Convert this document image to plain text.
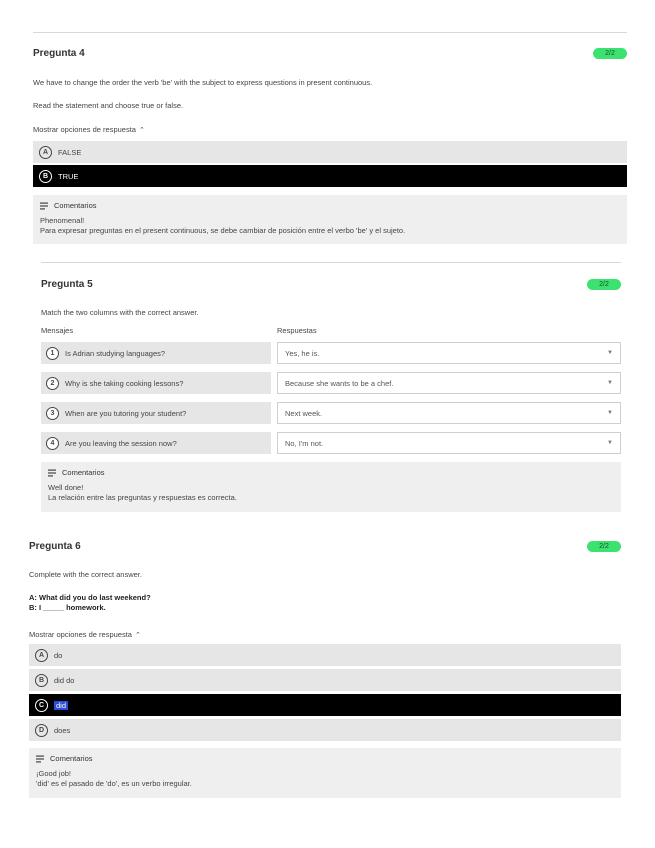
Pregunta 4	2/2
We have to change the order the verb 'be' with the subject to express questions in present continuous.
Read the statement and choose true or false.
Mostrar opciones de respuesta ⌃
A	FALSE
B	TRUE
Comentarios
Phenomenal!
Para expresar preguntas en el present continuous, se debe cambiar de posición entre el verbo 'be' y el sujeto.
Pregunta 5	2/2
Match the two columns with the correct answer.
Mensajes	Respuestas
1	Is Adrian studying languages?	Yes, he is.	▼
2	Why is she taking cooking lessons?	Because she wants to be a chef.	▼
3	When are you tutoring your student?	Next week.	▼
4	Are you leaving the session now?	No, I'm not.	▼
Comentarios
Well done!
La relación entre las preguntas y respuestas es correcta.
Pregunta 6	2/2
Complete with the correct answer.
A: What did you do last weekend?
B: I _____ homework.
Mostrar opciones de respuesta ⌃
A	do
B	did do
C	did
D	does
Comentarios
¡Good job!
'did' es el pasado de 'do', es un verbo irregular.
